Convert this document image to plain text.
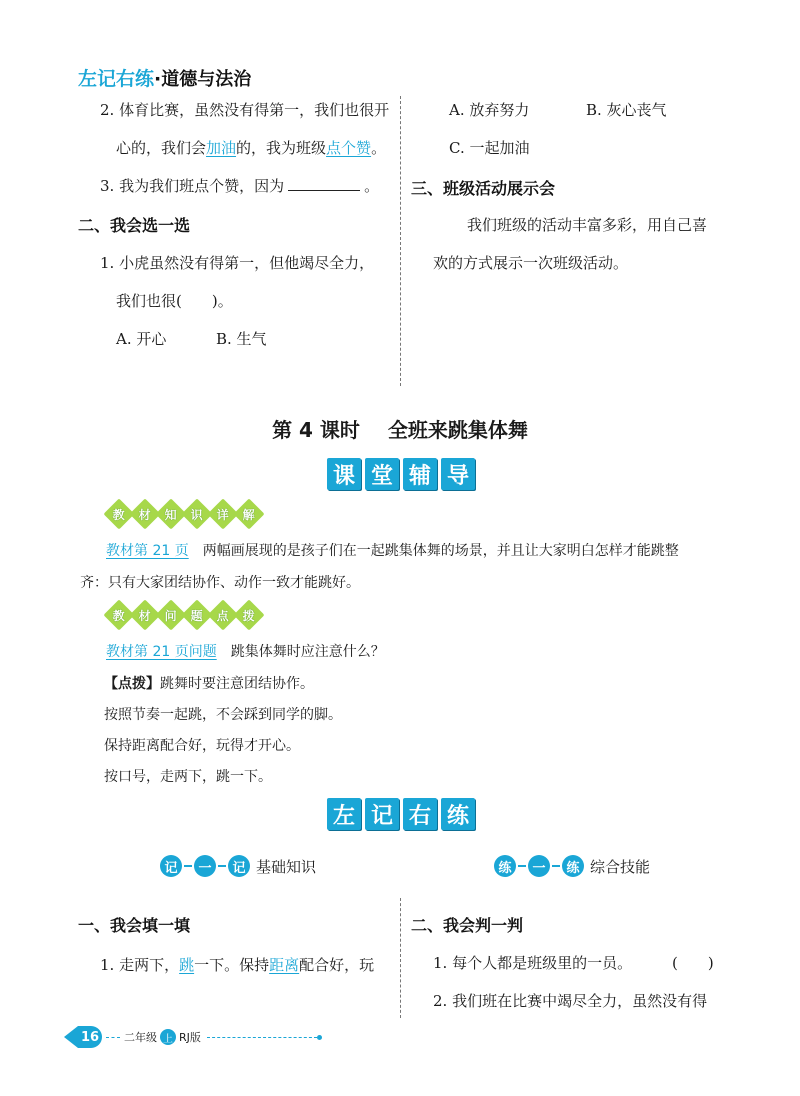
左记右练 · 道德与法治
2. 体育比赛，虽然没有得第一，我们也很开
心的，我们会加油的，我为班级点个赞。
3. 我为我们班点个赞，因为	。
二、我会选一选
1. 小虎虽然没有得第一，但他竭尽全力，
我们也很(　　)。
A. 开心	B. 生气
A. 放弃努力	B. 灰心丧气
C. 一起加油
三、班级活动展示会
我们班级的活动丰富多彩，用自己喜
欢的方式展示一次班级活动。
第 4 课时 全班来跳集体舞
课 堂 辅 导
教 材 知 识 详 解
教材第 21 页 两幅画展现的是孩子们在一起跳集体舞的场景，并且让大家明白怎样才能跳整
齐：只有大家团结协作、动作一致才能跳好。
教 材 问 题 点 拨
教材第 21 页问题 跳集体舞时应注意什么？
【点拨】跳舞时要注意团结协作。
按照节奏一起跳，不会踩到同学的脚。
保持距离配合好，玩得才开心。
按口号，走两下，跳一下。
左 记 右 练
记	一	记 基础知识	练	一	练 综合技能
一、我会填一填
1. 走两下，跳一下。保持距离配合好，玩
二、我会判一判
1. 每个人都是班级里的一员。	(　　)
2. 我们班在比赛中竭尽全力，虽然没有得
16 二年级 上 RJ版
